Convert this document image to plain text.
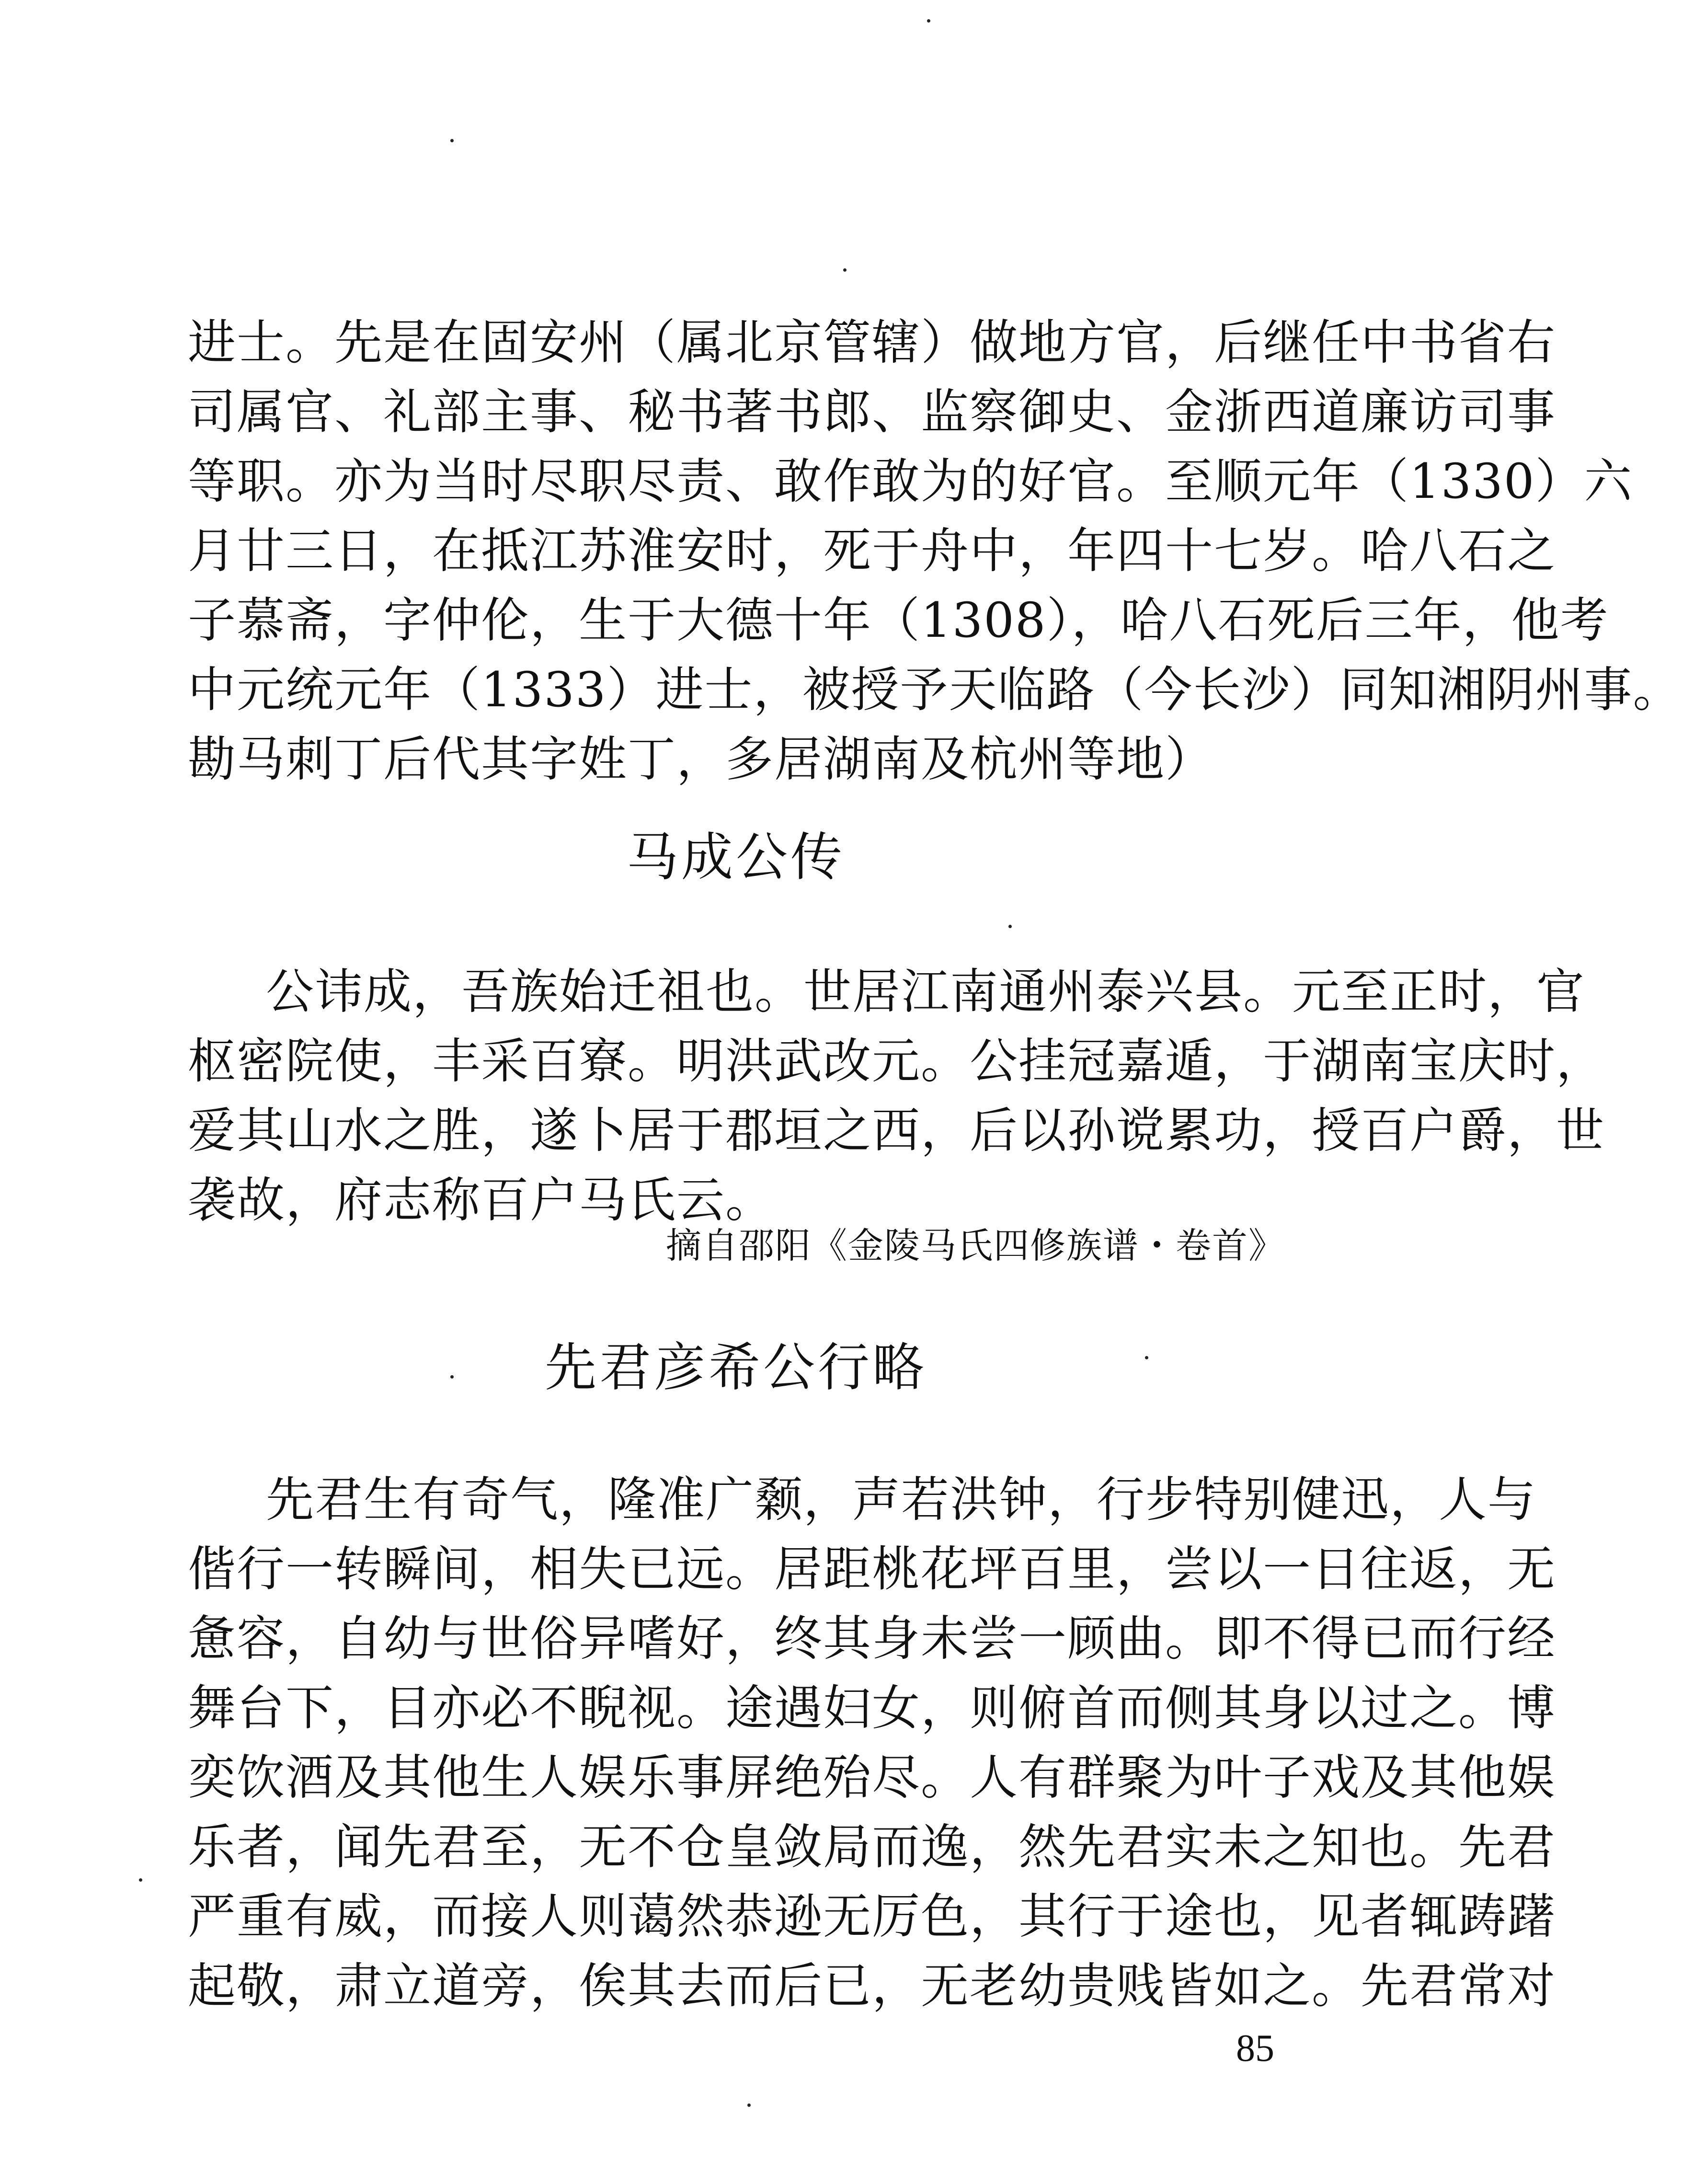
进士。先是在固安州（属北京管辖）做地方官，后继任中书省右
司属官、礼部主事、秘书著书郎、监察御史、金浙西道廉访司事
等职。亦为当时尽职尽责、敢作敢为的好官。至顺元年（1330）六
月廿三日，在抵江苏淮安时，死于舟中，年四十七岁。哈八石之
子慕斋，字仲伦，生于大德十年（1308），哈八石死后三年，他考
中元统元年（1333）进士，被授予天临路（今长沙）同知湘阴州事。
勘马刺丁后代其字姓丁，多居湖南及杭州等地）
马成公传
公讳成，吾族始迁祖也。世居江南通州泰兴县。元至正时，官
枢密院使，丰采百寮。明洪武改元。公挂冠嘉遁，于湖南宝庆时，
爱其山水之胜，遂卜居于郡垣之西，后以孙谠累功，授百户爵，世
袭故，府志称百户马氏云。
摘自邵阳《金陵马氏四修族谱・卷首》
先君彦希公行略
先君生有奇气，隆准广颡，声若洪钟，行步特别健迅，人与
偕行一转瞬间，相失已远。居距桃花坪百里，尝以一日往返，无
惫容，自幼与世俗异嗜好，终其身未尝一顾曲。即不得已而行经
舞台下，目亦必不睨视。途遇妇女，则俯首而侧其身以过之。博
奕饮酒及其他生人娱乐事屏绝殆尽。人有群聚为叶子戏及其他娱
乐者，闻先君至，无不仓皇敛局而逸，然先君实未之知也。先君
严重有威，而接人则蔼然恭逊无厉色，其行于途也，见者辄踌躇
起敬，肃立道旁，俟其去而后已，无老幼贵贱皆如之。先君常对
85
